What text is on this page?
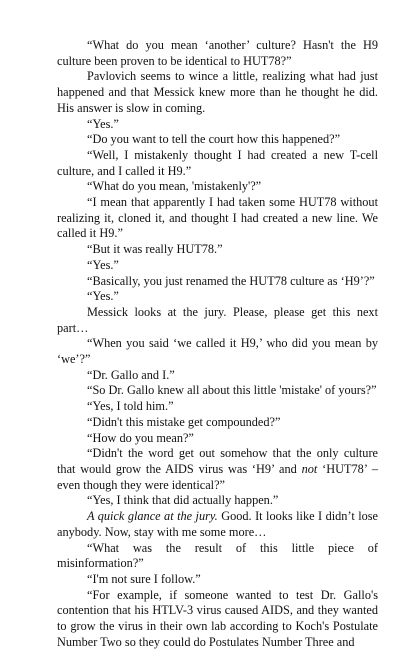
“What do you mean ‘another’ culture? Hasn't the H9 culture been proven to be identical to HUT78?”

Pavlovich seems to wince a little, realizing what had just happened and that Messick knew more than he thought he did. His answer is slow in coming.

“Yes.”

“Do you want to tell the court how this happened?”

“Well, I mistakenly thought I had created a new T-cell culture, and I called it H9.”

“What do you mean, 'mistakenly'?”

“I mean that apparently I had taken some HUT78 without realizing it, cloned it, and thought I had created a new line. We called it H9.”

“But it was really HUT78.”

“Yes.”

“Basically, you just renamed the HUT78 culture as ‘H9’?”

“Yes.”

Messick looks at the jury. Please, please get this next part…

“When you said ‘we called it H9,’ who did you mean by ‘we’?”

“Dr. Gallo and I.”

“So Dr. Gallo knew all about this little 'mistake' of yours?”

“Yes, I told him.”

“Didn't this mistake get compounded?”

“How do you mean?”

“Didn't the word get out somehow that the only culture that would grow the AIDS virus was ‘H9’ and not ‘HUT78’ – even though they were identical?”

“Yes, I think that did actually happen.”

A quick glance at the jury. Good. It looks like I didn’t lose anybody. Now, stay with me some more…

“What was the result of this little piece of misinformation?”

“I'm not sure I follow.”

“For example, if someone wanted to test Dr. Gallo's contention that his HTLV-3 virus caused AIDS, and they wanted to grow the virus in their own lab according to Koch's Postulate Number Two so they could do Postulates Number Three and
